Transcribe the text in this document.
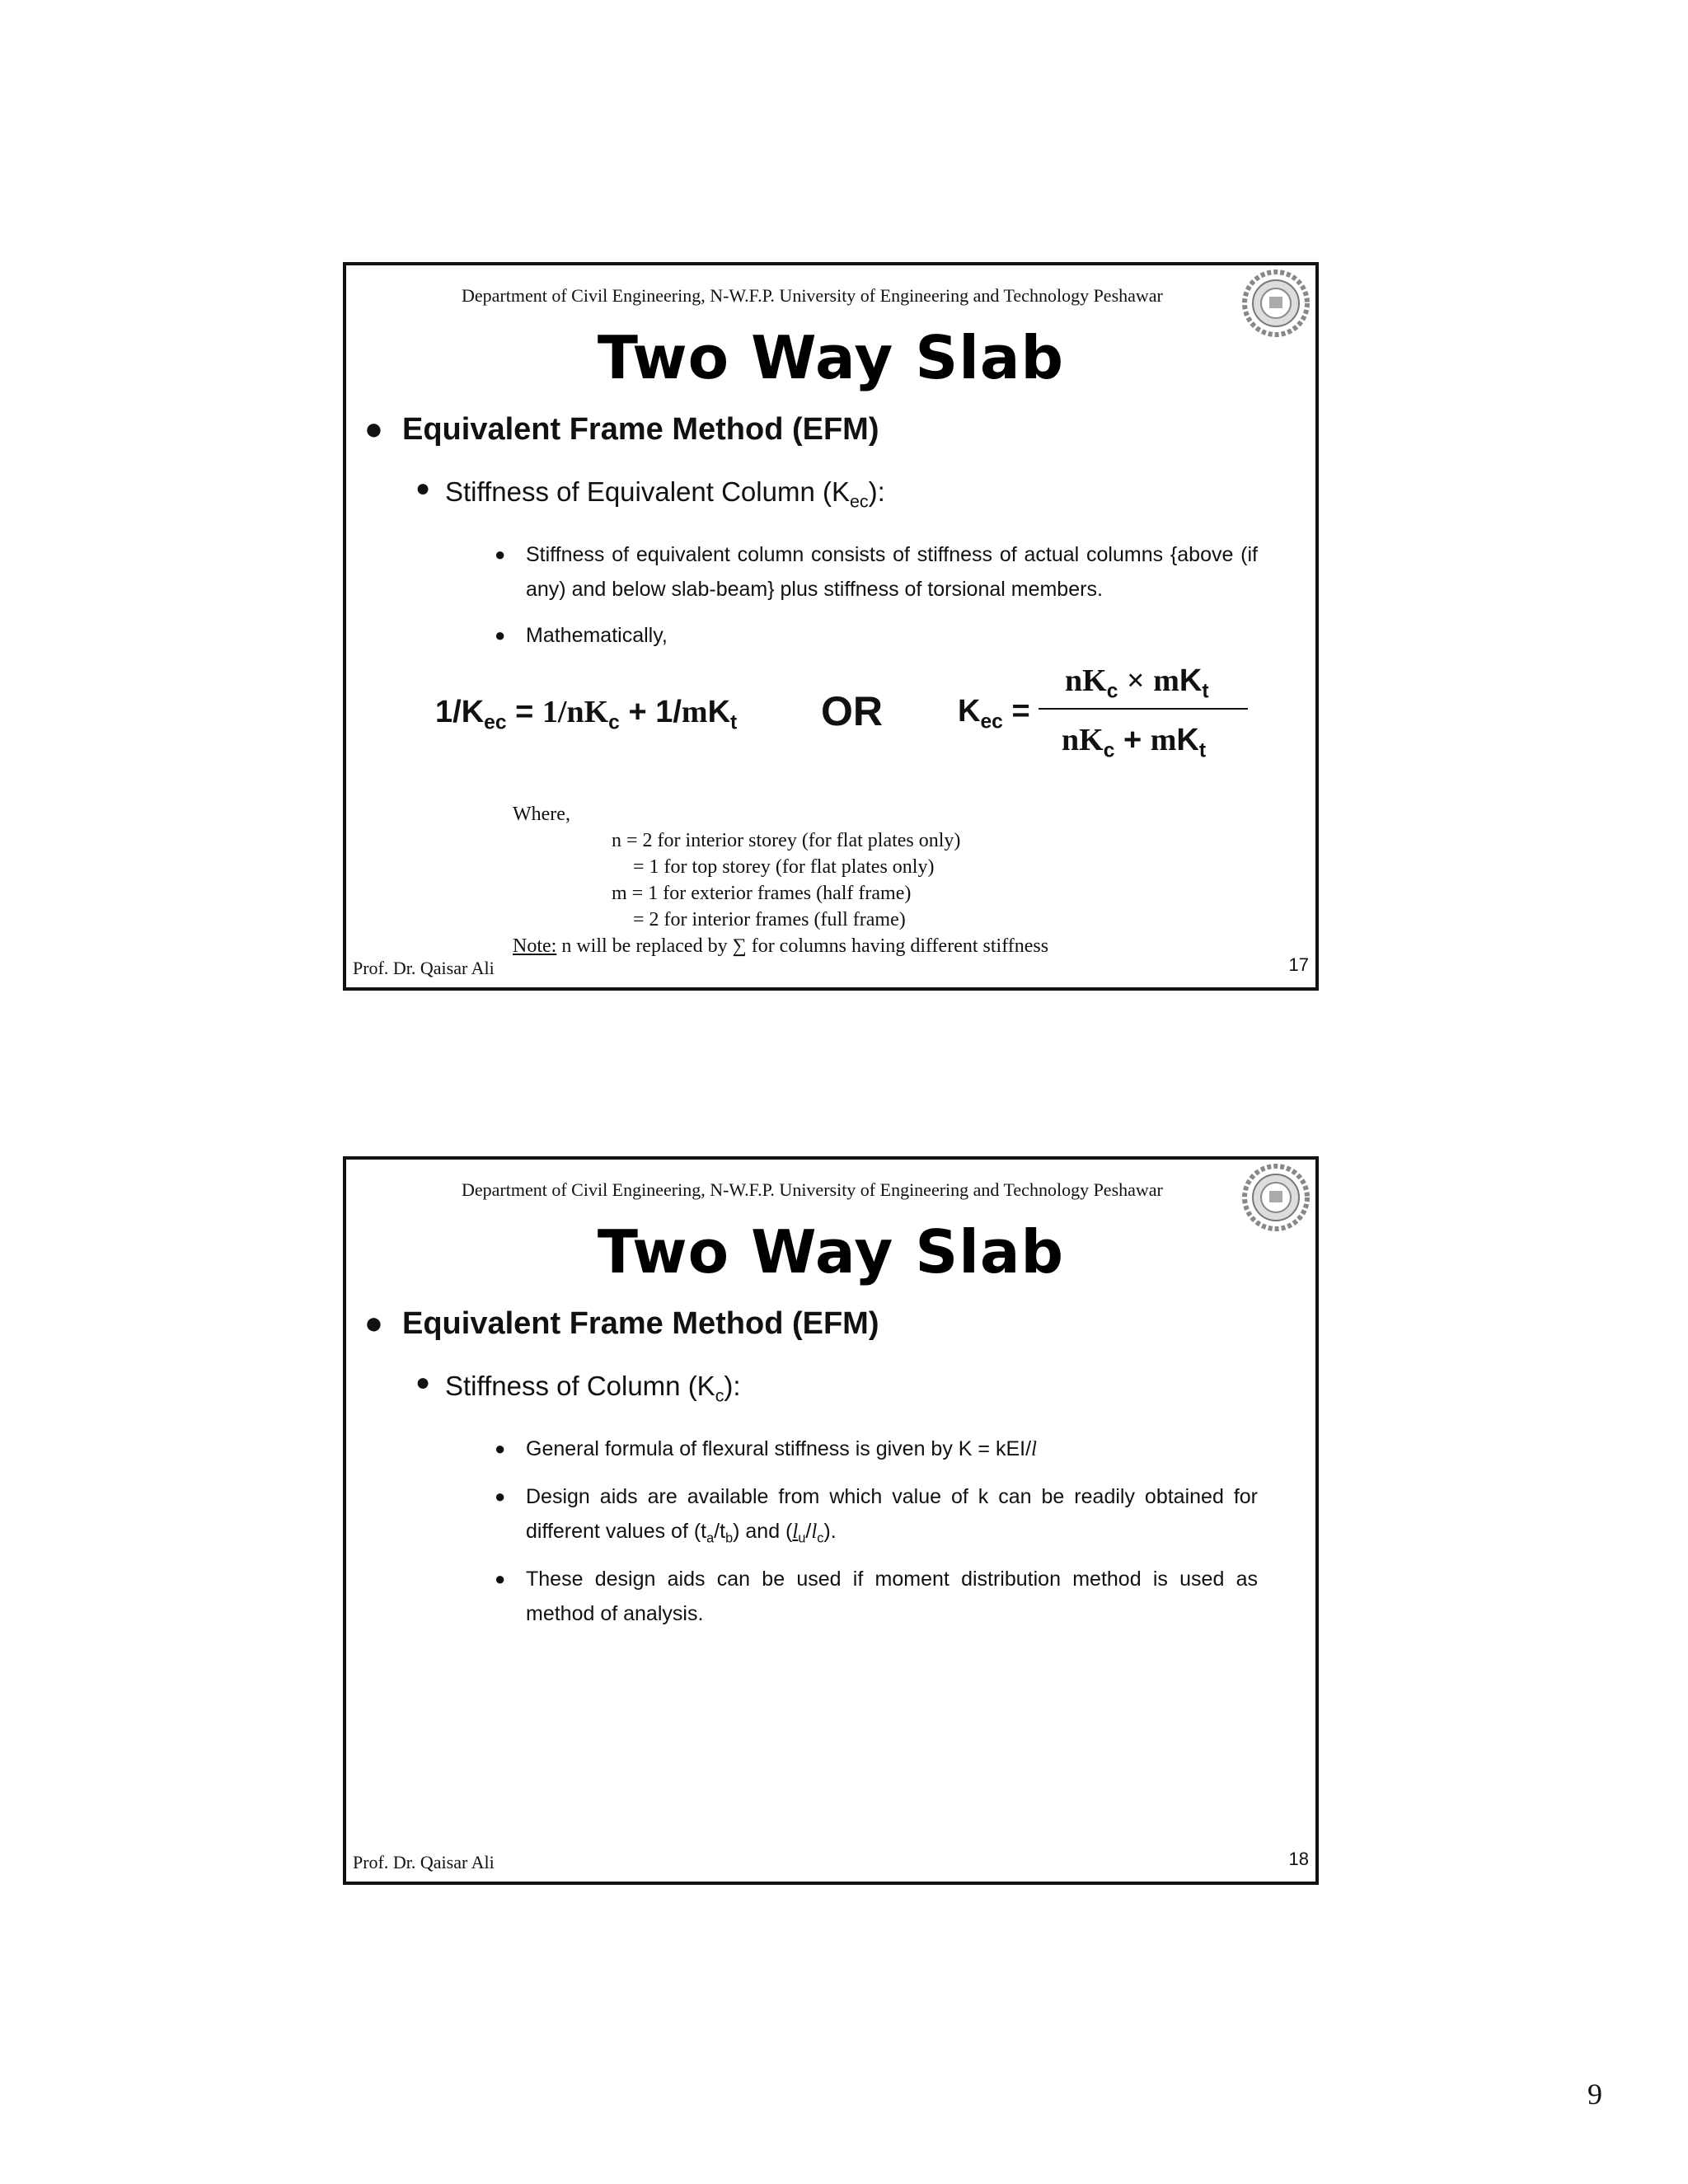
Department of Civil Engineering, N-W.F.P. University of Engineering and Technology Peshawar
Two Way Slab
● Equivalent Frame Method (EFM)
● Stiffness of Equivalent Column $(K_{ec})$:
● Stiffness of equivalent column consists of stiffness of actual columns {above (if any) and below slab-beam} plus stiffness of torsional members.
● Mathematically,
$1/K_{ec} = 1/nK_c + 1/mK_t$ OR $K_{ec}$ =
$nK_c \times mK_t$
$nK_c + mK_t$
Where,
n = 2 for interior storey (for flat plates only)
= 1 for top storey (for flat plates only)
m = 1 for exterior frames (half frame)
= 2 for interior frames (full frame)
Note: n will be replaced by ∑ for columns having different stiffness
Prof. Dr. Qaisar Ali	17
Department of Civil Engineering, N-W.F.P. University of Engineering and Technology Peshawar
Two Way Slab
● Equivalent Frame Method (EFM)
● Stiffness of Column $(K_c)$:
● General formula of flexural stiffness is given by K = kEI/l
● Design aids are available from which value of k can be readily obtained for different values of $(t_a/t_b)$ and $(l_u/l_c)$.
● These design aids can be used if moment distribution method is used as method of analysis.
Prof. Dr. Qaisar Ali	18
9
